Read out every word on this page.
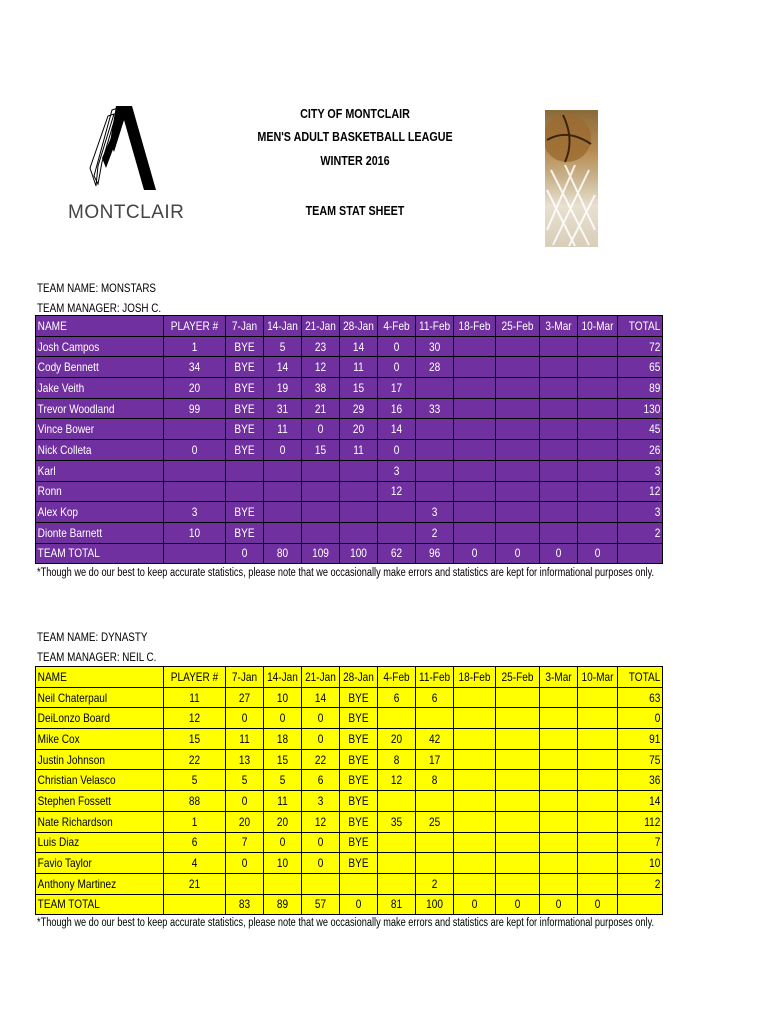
MONTCLAIR
CITY OF MONTCLAIR
MEN'S ADULT BASKETBALL LEAGUE
WINTER 2016
TEAM STAT SHEET
TEAM NAME: MONSTARS
TEAM MANAGER: JOSH C.
NAME	PLAYER #	7-Jan	14-Jan	21-Jan	28-Jan	4-Feb	11-Feb	18-Feb	25-Feb	3-Mar	10-Mar	TOTAL

Josh Campos	1	BYE	5	23	14	0	30					72

Cody Bennett	34	BYE	14	12	11	0	28					65

Jake Veith	20	BYE	19	38	15	17						89

Trevor Woodland	99	BYE	31	21	29	16	33					130

Vince Bower		BYE	11	0	20	14						45

Nick Colleta	0	BYE	0	15	11	0						26

Karl						3						3

Ronn						12						12

Alex Kop	3	BYE					3					3

Dionte Barnett	10	BYE					2					2

TEAM TOTAL		0	80	109	100	62	96	0	0	0	0	

*Though we do our best to keep accurate statistics, please note that we occasionally make errors and statistics are kept for informational purposes only.
TEAM NAME: DYNASTY
TEAM MANAGER: NEIL C.
NAME	PLAYER #	7-Jan	14-Jan	21-Jan	28-Jan	4-Feb	11-Feb	18-Feb	25-Feb	3-Mar	10-Mar	TOTAL

Neil Chaterpaul	11	27	10	14	BYE	6	6					63

DeiLonzo Board	12	0	0	0	BYE							0

Mike Cox	15	11	18	0	BYE	20	42					91

Justin Johnson	22	13	15	22	BYE	8	17					75

Christian Velasco	5	5	5	6	BYE	12	8					36

Stephen Fossett	88	0	11	3	BYE							14

Nate Richardson	1	20	20	12	BYE	35	25					112

Luis Diaz	6	7	0	0	BYE							7

Favio Taylor	4	0	10	0	BYE							10

Anthony Martinez	21						2					2

TEAM TOTAL		83	89	57	0	81	100	0	0	0	0	

*Though we do our best to keep accurate statistics, please note that we occasionally make errors and statistics are kept for informational purposes only.
